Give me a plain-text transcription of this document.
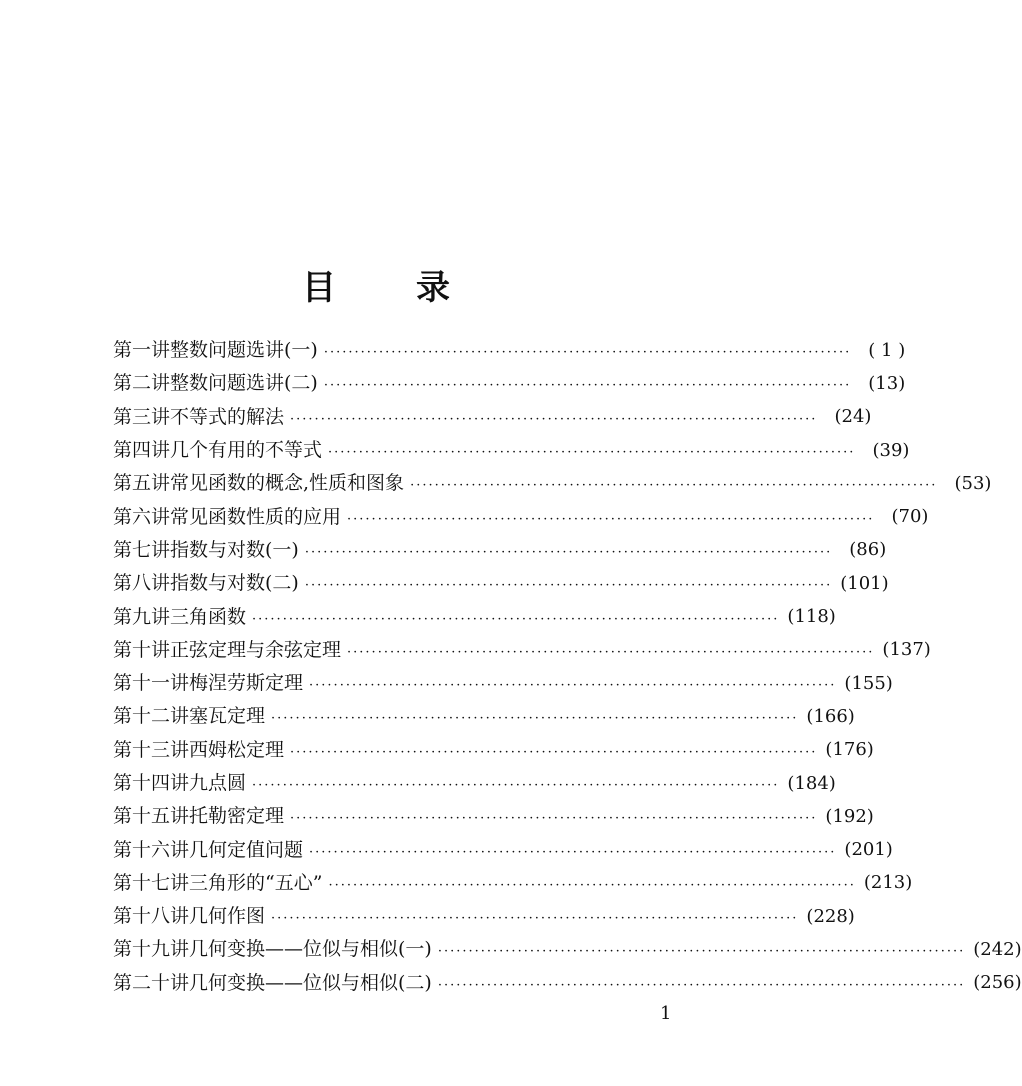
目 录
第一讲 整数问题选讲(一) ······················································································ ( 1 )
第二讲 整数问题选讲(二) ······················································································ (13)
第三讲 不等式的解法 ······················································································ (24)
第四讲 几个有用的不等式 ······················································································ (39)
第五讲 常见函数的概念,性质和图象 ······················································································ (53)
第六讲 常见函数性质的应用 ······················································································ (70)
第七讲 指数与对数(一) ······················································································ (86)
第八讲 指数与对数(二) ······················································································ (101)
第九讲 三角函数 ······················································································ (118)
第十讲 正弦定理与余弦定理 ······················································································ (137)
第十一讲 梅涅劳斯定理 ······················································································ (155)
第十二讲 塞瓦定理 ······················································································ (166)
第十三讲 西姆松定理 ······················································································ (176)
第十四讲 九点圆 ······················································································ (184)
第十五讲 托勒密定理 ······················································································ (192)
第十六讲 几何定值问题 ······················································································ (201)
第十七讲 三角形的“五心” ······················································································ (213)
第十八讲 几何作图 ······················································································ (228)
第十九讲 几何变换——位似与相似(一) ······················································································ (242)
第二十讲 几何变换——位似与相似(二) ······················································································ (256)
1
